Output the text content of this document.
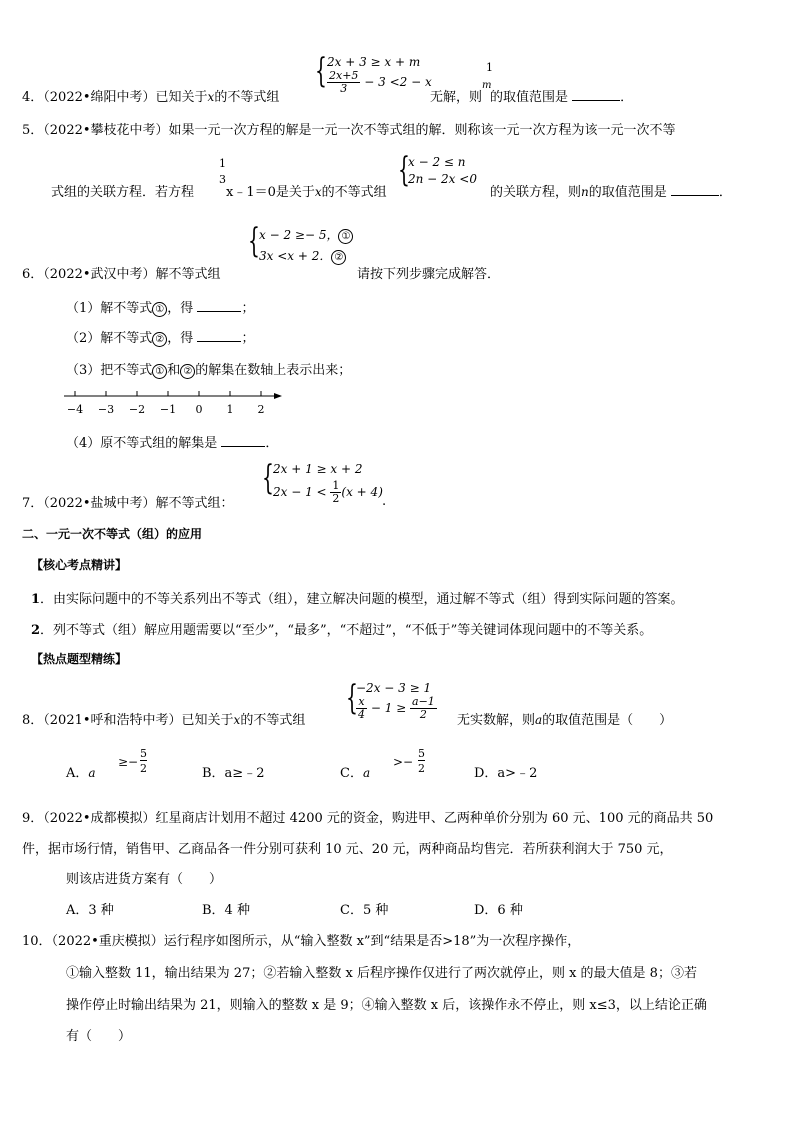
{ 2x + 3 ≥ x + m
$\frac{2x+5}{3} - 3 <2 - x$
4．（2022•绵阳中考）已知关于x的不等式组	无解，则
1
m
的取值范围是	．
5．（2022•攀枝花中考）如果一元一次方程的解是一元一次不等式组的解．则称该一元一次方程为该一元一次不等
式组的关联方程．若方程
1
3
x﹣1＝0是关于x的不等式组
{
x − 2 ≤ n
2n − 2x <0
的关联方程，则n的取值范围是	．
{ x − 2 ≥− 5， ①
3x <x + 2． ②
6．（2022•武汉中考）解不等式组	请按下列步骤完成解答．
（1）解不等式 ① ，得	；
（2）解不等式 ② ，得	；
（3）把不等式 ① 和 ② 的解集在数轴上表示出来；
−4 −3 −2 −1 0 1 2
（4）原不等式组的解集是	．
{ 2x + 1 ≥ x + 2
$2x - 1 < \frac{1}{2} (x + 4)$
7．（2022•盐城中考）解不等式组：	.
二、一元一次不等式（组）的应用
【核心考点精讲】
1．由实际问题中的不等关系列出不等式（组），建立解决问题的模型，通过解不等式（组）得到实际问题的答案。
2．列不等式（组）解应用题需要以“至少”，“最多”，“不超过”，“不低于”等关键词体现问题中的不等关系。
【热点题型精练】
{
−2x − 3 ≥ 1
$\frac{x}{4} - 1 \ge \frac{a-1}{2}$
8．（2021•呼和浩特中考）已知关于x的不等式组	无实数解，则a的取值范围是（　　）
A．a
≥−
5
2	B．a≥﹣2	C．a
>−
5
2	D．a>﹣2
9．（2022•成都模拟）红星商店计划用不超过 4200 元的资金，购进甲、乙两种单价分别为 60 元、100 元的商品共 50
件，据市场行情，销售甲、乙商品各一件分别可获利 10 元、20 元，两种商品均售完．若所获利润大于 750 元，
则该店进货方案有（　　）
A．3 种	B．4 种	C．5 种	D．6 种
10．（2022•重庆模拟）运行程序如图所示，从“输入整数 x”到“结果是否>18”为一次程序操作，
①输入整数 11，输出结果为 27；②若输入整数 x 后程序操作仅进行了两次就停止，则 x 的最大值是 8；③若
操作停止时输出结果为 21，则输入的整数 x 是 9；④输入整数 x 后，该操作永不停止，则 x≤3，以上结论正确
有（　　）
